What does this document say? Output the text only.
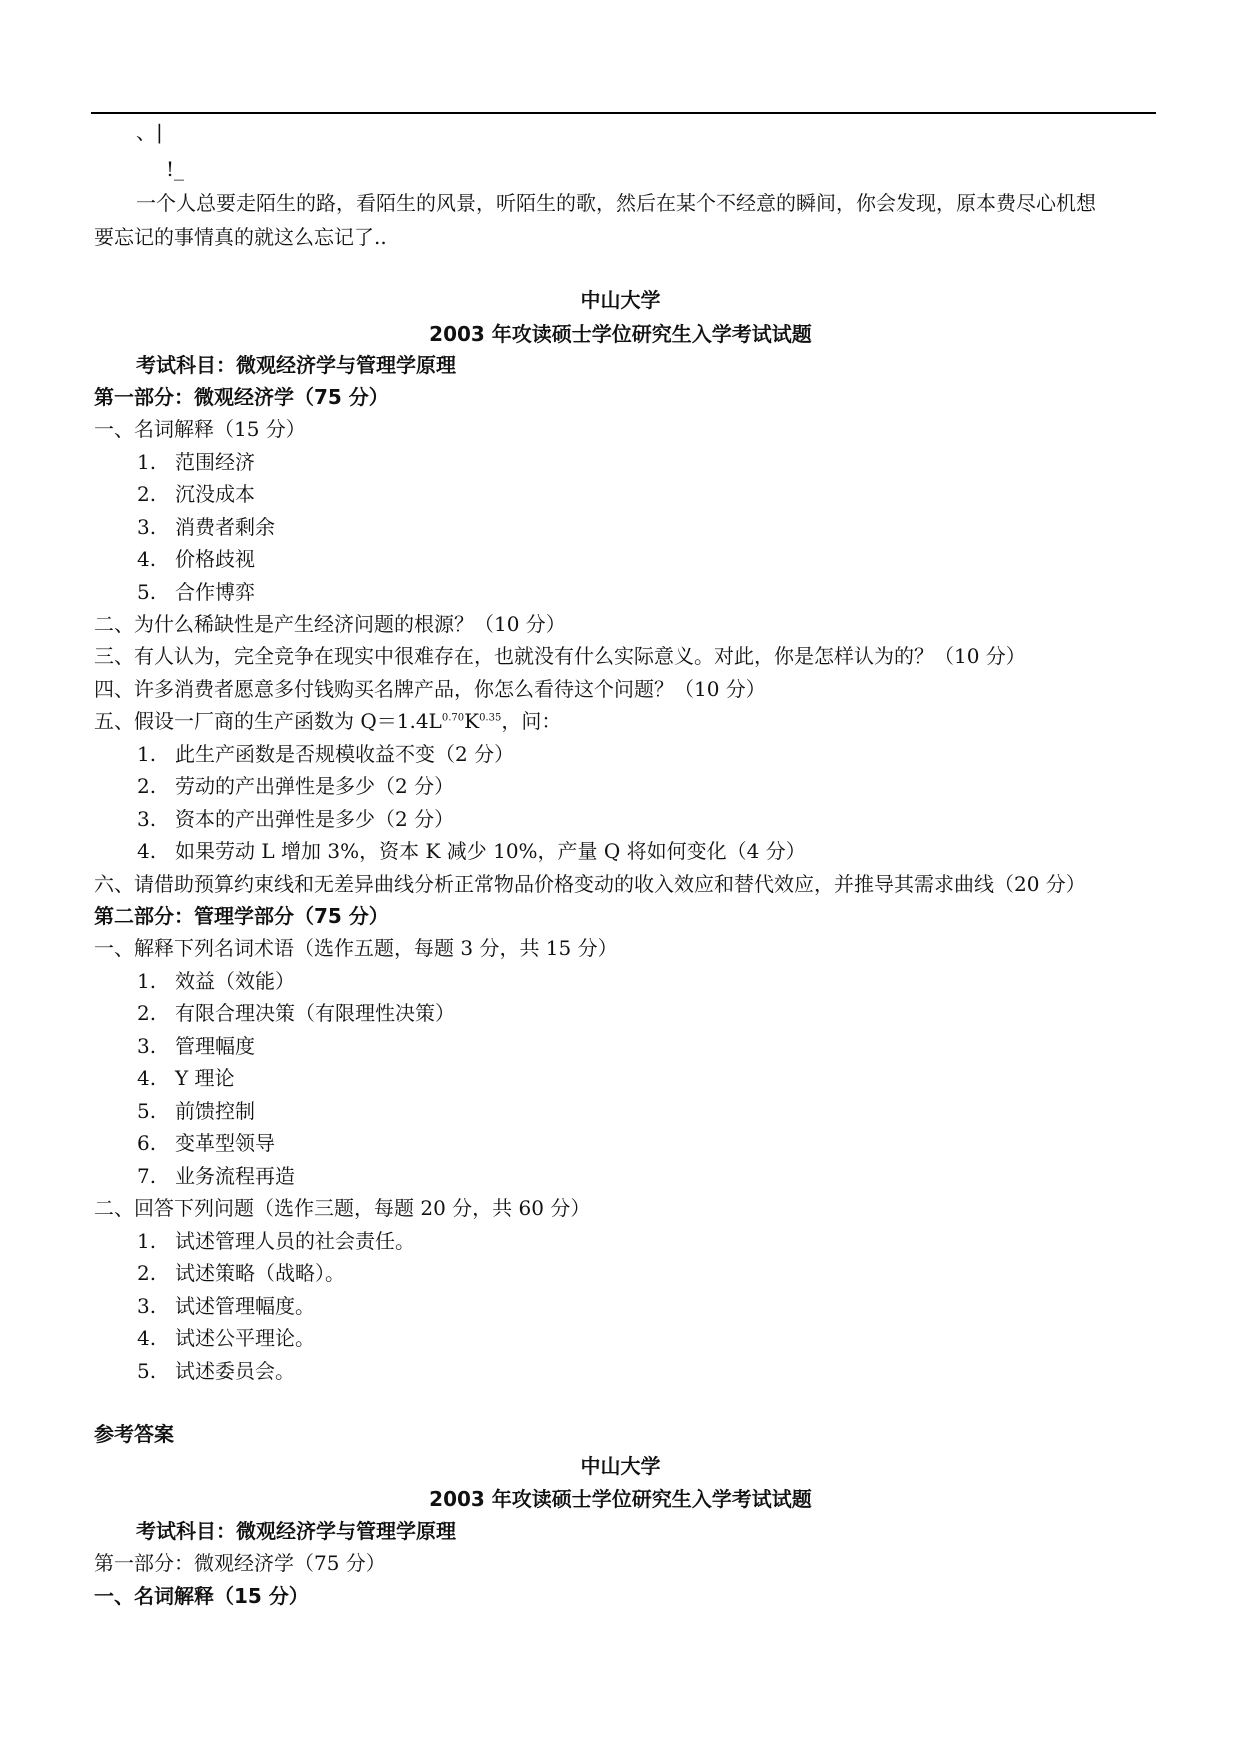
、|
!_
一个人总要走陌生的路，看陌生的风景，听陌生的歌，然后在某个不经意的瞬间，你会发现，原本费尽心机想
要忘记的事情真的就这么忘记了..
中山大学
2003 年攻读硕士学位研究生入学考试试题
考试科目：微观经济学与管理学原理
第一部分：微观经济学（75 分）
一、名词解释（15 分）
1. 范围经济
2. 沉没成本
3. 消费者剩余
4. 价格歧视
5. 合作博弈
二、为什么稀缺性是产生经济问题的根源？（10 分）
三、有人认为，完全竞争在现实中很难存在，也就没有什么实际意义。对此，你是怎样认为的？（10 分）
四、许多消费者愿意多付钱购买名牌产品，你怎么看待这个问题？（10 分）
五、假设一厂商的生产函数为 $Q=1.4L^{0.70}K^{0.35}$，问：
1. 此生产函数是否规模收益不变（2 分）
2. 劳动的产出弹性是多少（2 分）
3. 资本的产出弹性是多少（2 分）
4. 如果劳动 L 增加 3%，资本 K 减少 10%，产量 Q 将如何变化（4 分）
六、请借助预算约束线和无差异曲线分析正常物品价格变动的收入效应和替代效应，并推导其需求曲线（20 分）
第二部分：管理学部分（75 分）
一、解释下列名词术语（选作五题，每题 3 分，共 15 分）
1. 效益（效能）
2. 有限合理决策（有限理性决策）
3. 管理幅度
4. Y 理论
5. 前馈控制
6. 变革型领导
7. 业务流程再造
二、回答下列问题（选作三题，每题 20 分，共 60 分）
1. 试述管理人员的社会责任。
2. 试述策略（战略）。
3. 试述管理幅度。
4. 试述公平理论。
5. 试述委员会。
参考答案
中山大学
2003 年攻读硕士学位研究生入学考试试题
考试科目：微观经济学与管理学原理
第一部分：微观经济学（75 分）
一、名词解释（15 分）
